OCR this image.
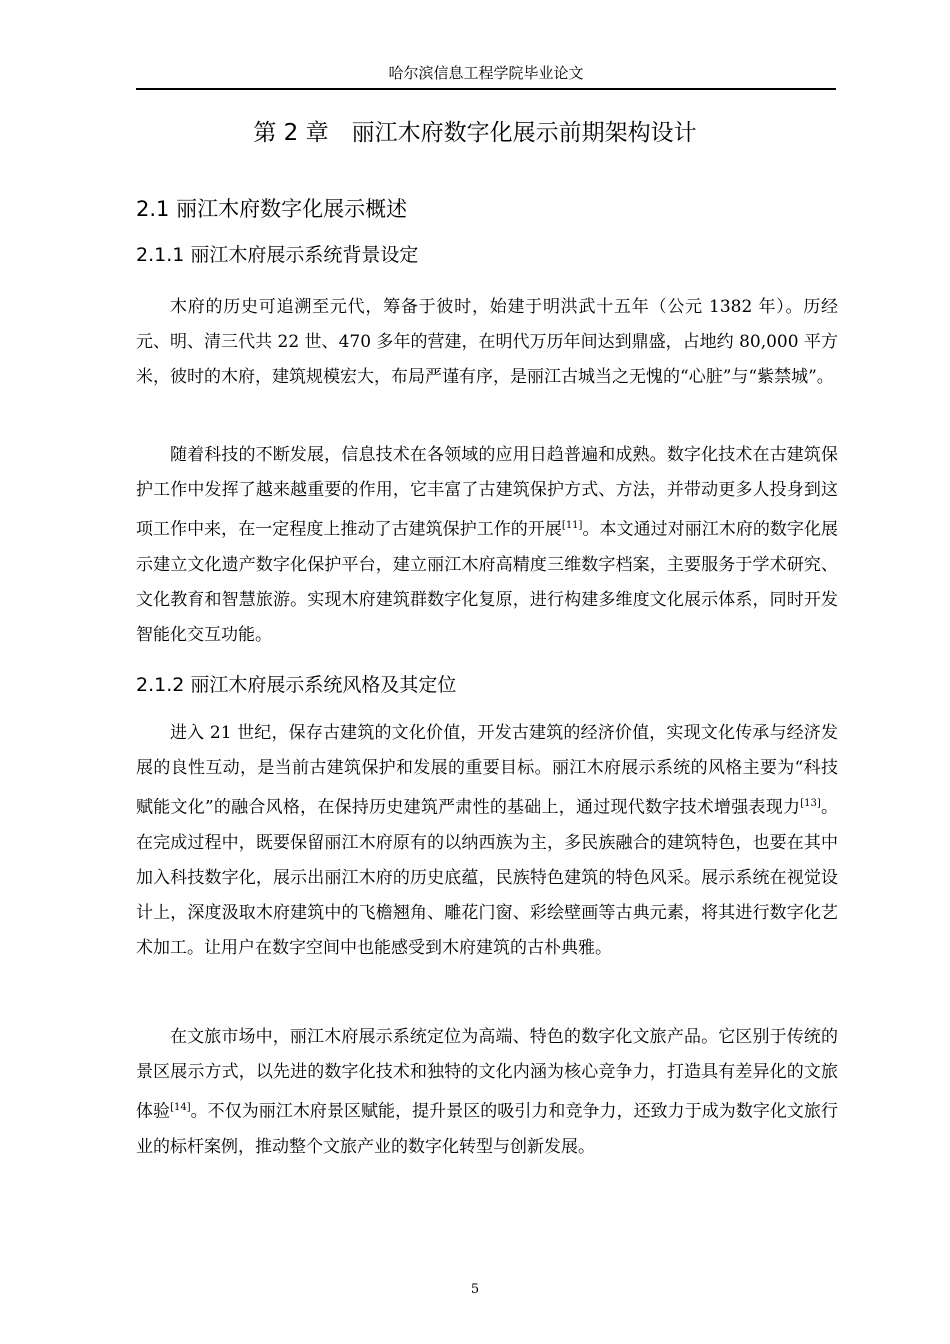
哈尔滨信息工程学院毕业论文
第 2 章　丽江木府数字化展示前期架构设计
2.1 丽江木府数字化展示概述
2.1.1 丽江木府展示系统背景设定

木府的历史可追溯至元代，筹备于彼时，始建于明洪武十五年（公元 1382 年）。历经元、明、清三代共 22 世、470 多年的营建，在明代万历年间达到鼎盛，占地约 80,000 平方米，彼时的木府，建筑规模宏大，布局严谨有序，是丽江古城当之无愧的“心脏”与“紫禁城”。

随着科技的不断发展，信息技术在各领域的应用日趋普遍和成熟。数字化技术在古建筑保护工作中发挥了越来越重要的作用，它丰富了古建筑保护方式、方法，并带动更多人投身到这项工作中来，在一定程度上推动了古建筑保护工作的开展[11]。本文通过对丽江木府的数字化展示建立文化遗产数字化保护平台，建立丽江木府高精度三维数字档案，主要服务于学术研究、文化教育和智慧旅游。实现木府建筑群数字化复原，进行构建多维度文化展示体系，同时开发智能化交互功能。

2.1.2 丽江木府展示系统风格及其定位

进入 21 世纪，保存古建筑的文化价值，开发古建筑的经济价值，实现文化传承与经济发展的良性互动，是当前古建筑保护和发展的重要目标。丽江木府展示系统的风格主要为“科技赋能文化”的融合风格，在保持历史建筑严肃性的基础上，通过现代数字技术增强表现力[13]。在完成过程中，既要保留丽江木府原有的以纳西族为主，多民族融合的建筑特色，也要在其中加入科技数字化，展示出丽江木府的历史底蕴，民族特色建筑的特色风采。展示系统在视觉设计上，深度汲取木府建筑中的飞檐翘角、雕花门窗、彩绘壁画等古典元素，将其进行数字化艺术加工。让用户在数字空间中也能感受到木府建筑的古朴典雅。

在文旅市场中，丽江木府展示系统定位为高端、特色的数字化文旅产品。它区别于传统的景区展示方式，以先进的数字化技术和独特的文化内涵为核心竞争力，打造具有差异化的文旅体验[14]。不仅为丽江木府景区赋能，提升景区的吸引力和竞争力，还致力于成为数字化文旅行业的标杆案例，推动整个文旅产业的数字化转型与创新发展。

5
